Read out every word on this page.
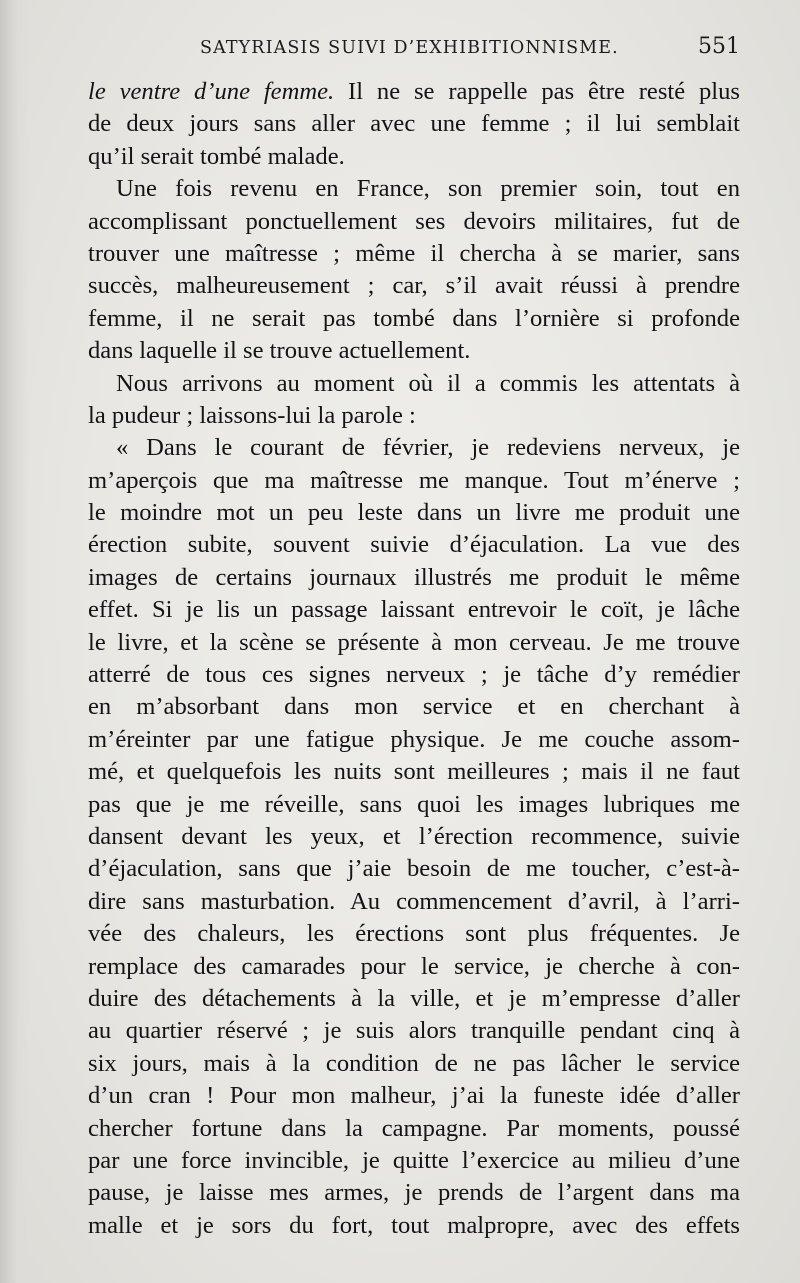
SATYRIASIS SUIVI D’EXHIBITIONNISME.	551
le ventre d’une femme. Il ne se rappelle pas être resté plus
de deux jours sans aller avec une femme ; il lui semblait
qu’il serait tombé malade.
Une fois revenu en France, son premier soin, tout en
accomplissant ponctuellement ses devoirs militaires, fut de
trouver une maîtresse ; même il chercha à se marier, sans
succès, malheureusement ; car, s’il avait réussi à prendre
femme, il ne serait pas tombé dans l’ornière si profonde
dans laquelle il se trouve actuellement.
Nous arrivons au moment où il a commis les attentats à
la pudeur ; laissons-lui la parole :
« Dans le courant de février, je redeviens nerveux, je
m’aperçois que ma maîtresse me manque. Tout m’énerve ;
le moindre mot un peu leste dans un livre me produit une
érection subite, souvent suivie d’éjaculation. La vue des
images de certains journaux illustrés me produit le même
effet. Si je lis un passage laissant entrevoir le coït, je lâche
le livre, et la scène se présente à mon cerveau. Je me trouve
atterré de tous ces signes nerveux ; je tâche d’y remédier
en m’absorbant dans mon service et en cherchant à
m’éreinter par une fatigue physique. Je me couche assom-
mé, et quelquefois les nuits sont meilleures ; mais il ne faut
pas que je me réveille, sans quoi les images lubriques me
dansent devant les yeux, et l’érection recommence, suivie
d’éjaculation, sans que j’aie besoin de me toucher, c’est-à-
dire sans masturbation. Au commencement d’avril, à l’arri-
vée des chaleurs, les érections sont plus fréquentes. Je
remplace des camarades pour le service, je cherche à con-
duire des détachements à la ville, et je m’empresse d’aller
au quartier réservé ; je suis alors tranquille pendant cinq à
six jours, mais à la condition de ne pas lâcher le service
d’un cran ! Pour mon malheur, j’ai la funeste idée d’aller
chercher fortune dans la campagne. Par moments, poussé
par une force invincible, je quitte l’exercice au milieu d’une
pause, je laisse mes armes, je prends de l’argent dans ma
malle et je sors du fort, tout malpropre, avec des effets
